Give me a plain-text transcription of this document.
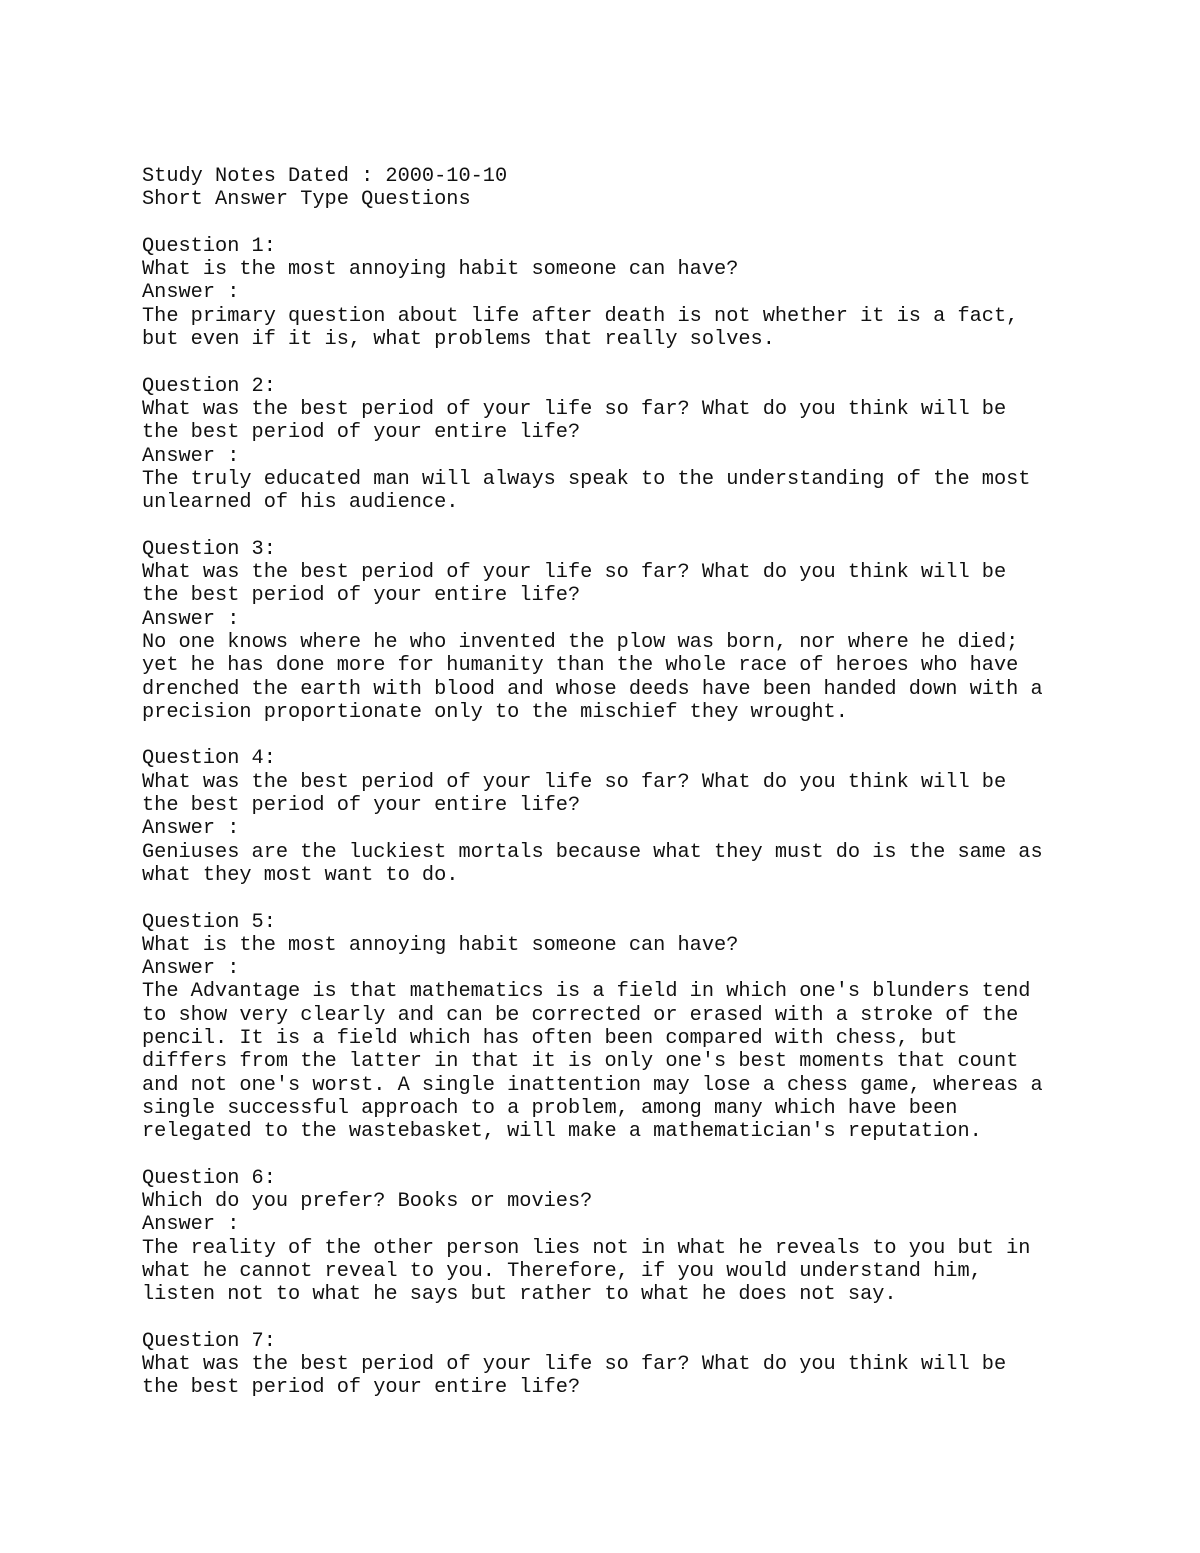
Study Notes Dated : 2000-10-10
Short Answer Type Questions
Question 1:
What is the most annoying habit someone can have?
Answer :
The primary question about life after death is not whether it is a fact,
but even if it is, what problems that really solves.
Question 2:
What was the best period of your life so far? What do you think will be
the best period of your entire life?
Answer :
The truly educated man will always speak to the understanding of the most
unlearned of his audience.
Question 3:
What was the best period of your life so far? What do you think will be
the best period of your entire life?
Answer :
No one knows where he who invented the plow was born, nor where he died;
yet he has done more for humanity than the whole race of heroes who have
drenched the earth with blood and whose deeds have been handed down with a
precision proportionate only to the mischief they wrought.
Question 4:
What was the best period of your life so far? What do you think will be
the best period of your entire life?
Answer :
Geniuses are the luckiest mortals because what they must do is the same as
what they most want to do.
Question 5:
What is the most annoying habit someone can have?
Answer :
The Advantage is that mathematics is a field in which one's blunders tend
to show very clearly and can be corrected or erased with a stroke of the
pencil. It is a field which has often been compared with chess, but
differs from the latter in that it is only one's best moments that count
and not one's worst. A single inattention may lose a chess game, whereas a
single successful approach to a problem, among many which have been
relegated to the wastebasket, will make a mathematician's reputation.
Question 6:
Which do you prefer? Books or movies?
Answer :
The reality of the other person lies not in what he reveals to you but in
what he cannot reveal to you. Therefore, if you would understand him,
listen not to what he says but rather to what he does not say.
Question 7:
What was the best period of your life so far? What do you think will be
the best period of your entire life?
